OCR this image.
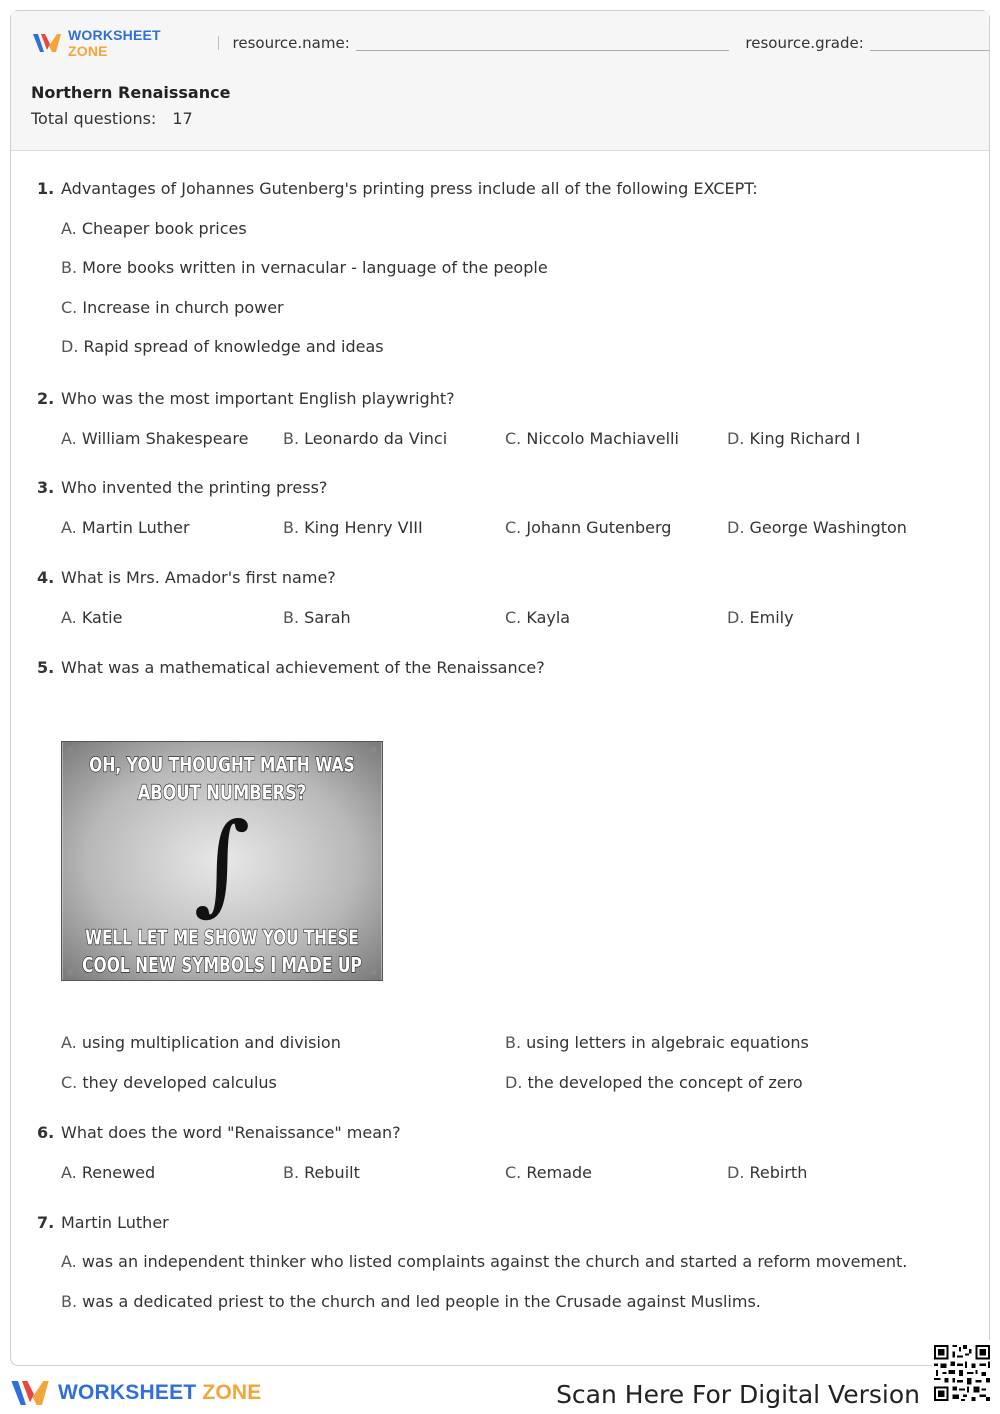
WORKSHEET ZONE	resource.name:	resource.grade:
Northern Renaissance
Total questions: 17
1. Advantages of Johannes Gutenberg's printing press include all of the following EXCEPT:
A. Cheaper book prices
B. More books written in vernacular - language of the people
C. Increase in church power
D. Rapid spread of knowledge and ideas
2. Who was the most important English playwright?
A. William Shakespeare B. Leonardo da Vinci	C. Niccolo Machiavelli	D. King Richard I
3. Who invented the printing press?
A. Martin Luther	B. King Henry VIII	C. Johann Gutenberg	D. George Washington
4. What is Mrs. Amador's first name?
A. Katie	B. Sarah	C. Kayla	D. Emily
5. What was a mathematical achievement of the Renaissance?
A. using multiplication and division	B. using letters in algebraic equations
C. they developed calculus	D. the developed the concept of zero
6. What does the word "Renaissance" mean?
A. Renewed	B. Rebuilt	C. Remade	D. Rebirth
7. Martin Luther
A. was an independent thinker who listed complaints against the church and started a reform movement.
B. was a dedicated priest to the church and led people in the Crusade against Muslims.
OH, YOU THOUGHT MATH WAS
ABOUT NUMBERS?
WELL LET ME SHOW YOU THESE
COOL NEW SYMBOLS I MADE UP
∫
WORKSHEET ZONE	Scan Here For Digital Version
